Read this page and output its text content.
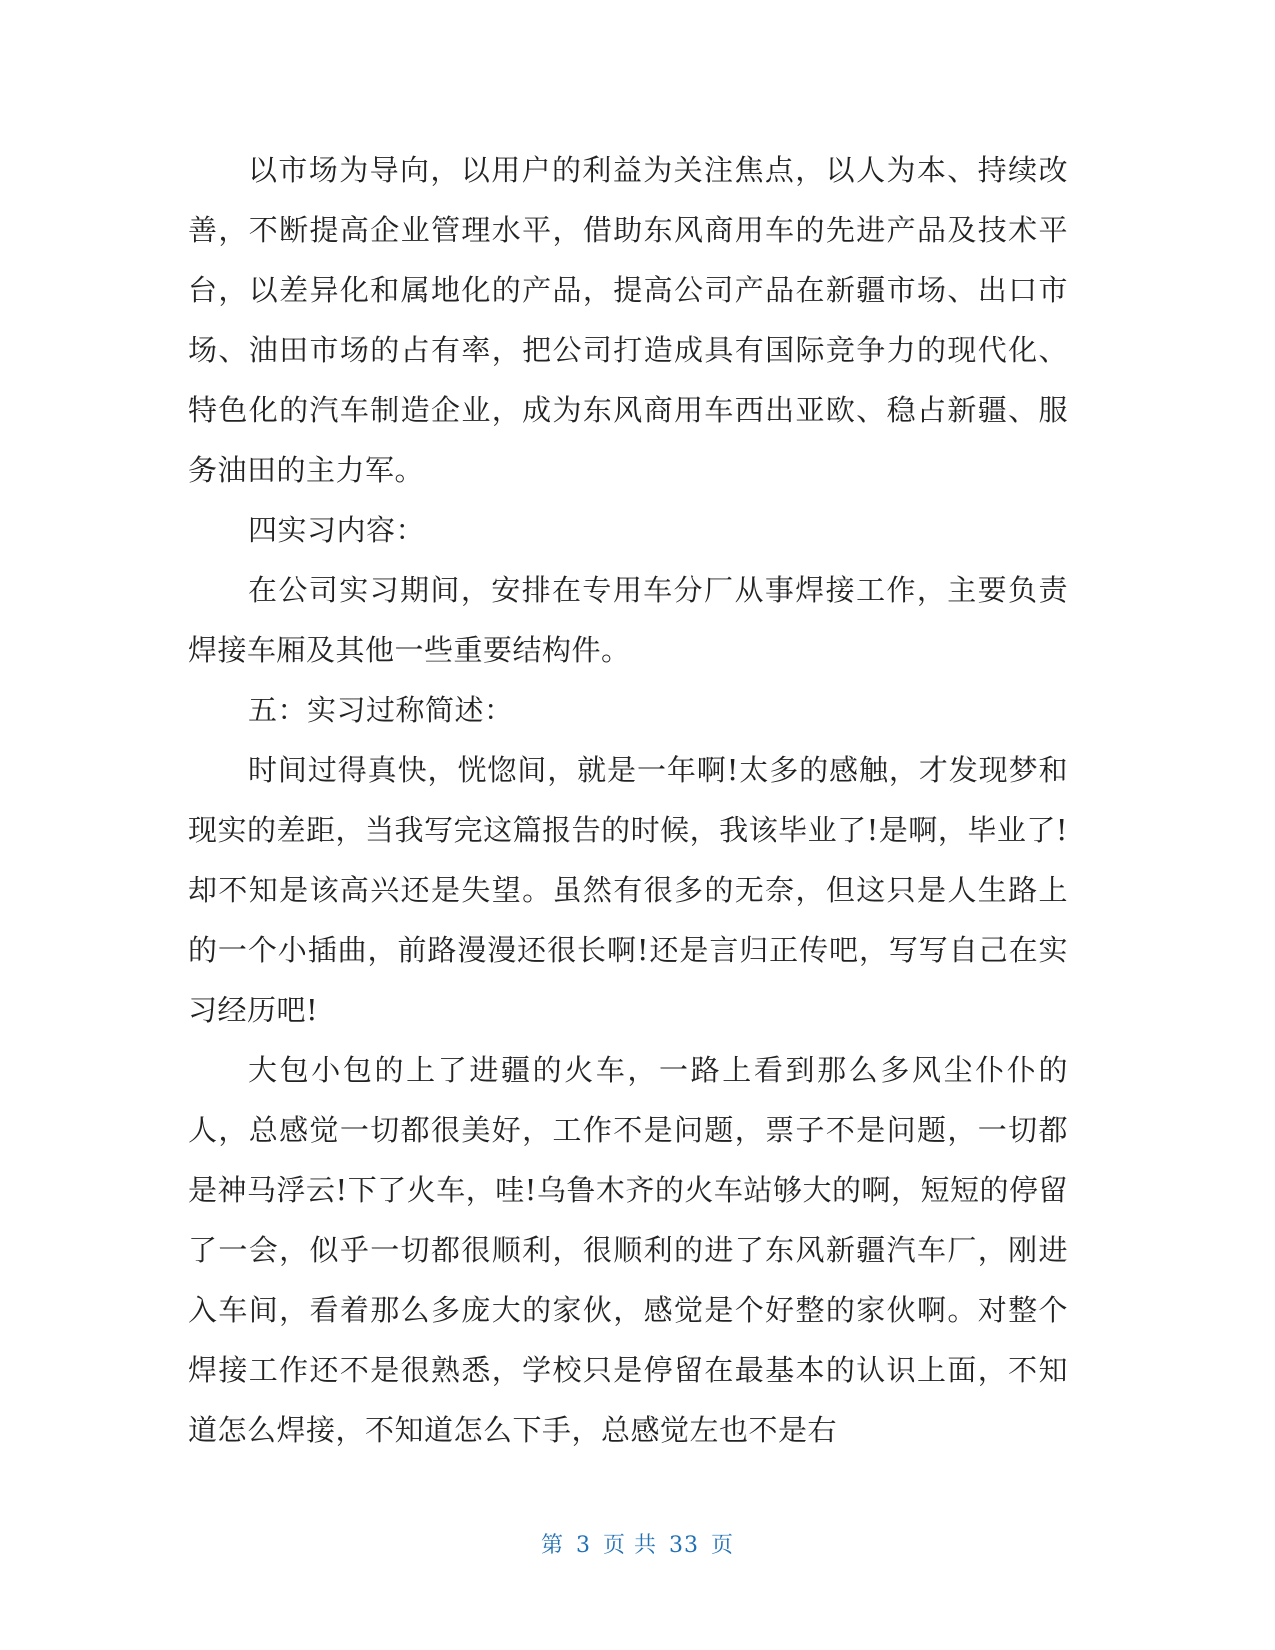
以市场为导向，以用户的利益为关注焦点，以人为本、持续改善，不断提高企业管理水平，借助东风商用车的先进产品及技术平台，以差异化和属地化的产品，提高公司产品在新疆市场、出口市场、油田市场的占有率，把公司打造成具有国际竞争力的现代化、特色化的汽车制造企业，成为东风商用车西出亚欧、稳占新疆、服务油田的主力军。

四实习内容：

在公司实习期间，安排在专用车分厂从事焊接工作，主要负责焊接车厢及其他一些重要结构件。

五：实习过称简述：

时间过得真快，恍惚间，就是一年啊!太多的感触，才发现梦和现实的差距，当我写完这篇报告的时候，我该毕业了!是啊，毕业了!却不知是该高兴还是失望。虽然有很多的无奈，但这只是人生路上的一个小插曲，前路漫漫还很长啊!还是言归正传吧，写写自己在实习经历吧!

大包小包的上了进疆的火车，一路上看到那么多风尘仆仆的人，总感觉一切都很美好，工作不是问题，票子不是问题，一切都是神马浮云!下了火车，哇!乌鲁木齐的火车站够大的啊，短短的停留了一会，似乎一切都很顺利，很顺利的进了东风新疆汽车厂，刚进入车间，看着那么多庞大的家伙，感觉是个好整的家伙啊。对整个焊接工作还不是很熟悉，学校只是停留在最基本的认识上面，不知道怎么焊接，不知道怎么下手，总感觉左也不是右

第 3 页 共 33 页
